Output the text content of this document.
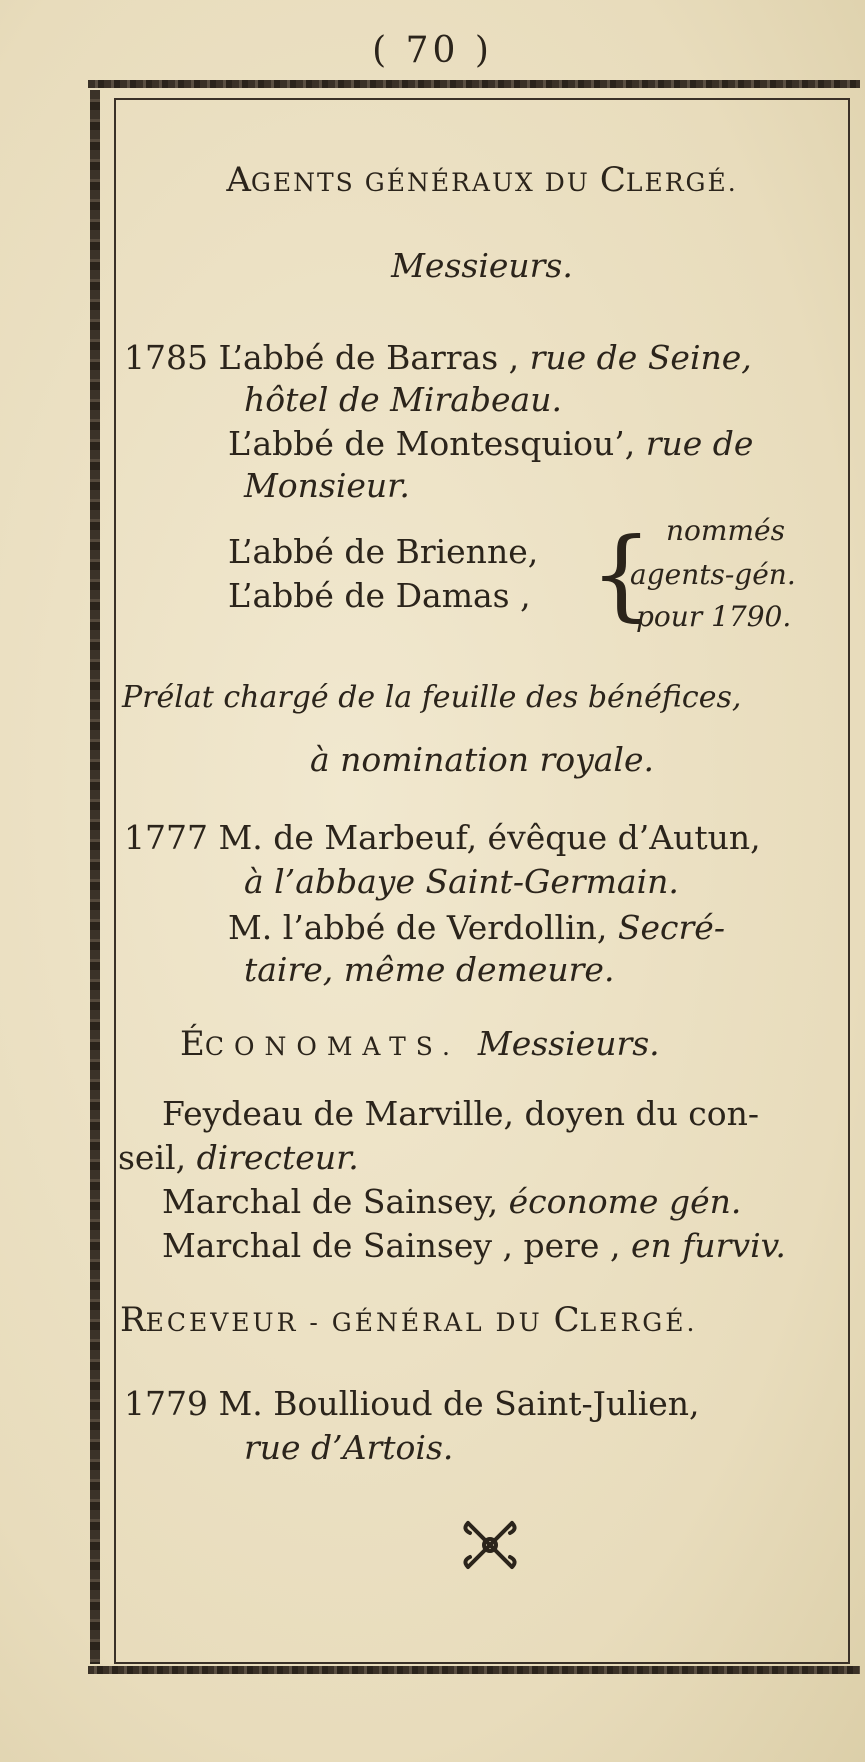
( 70 )
AGENTS GÉNÉRAUX DU CLERGÉ.
Messieurs.
1785 L’abbé de Barras , rue de Seine,
hôtel de Mirabeau.
L’abbé de Montesquiou’, rue de
Monsieur.
L’abbé de Brienne,
L’abbé de Damas , { nommés
agents-gén.
pour 1790.
Prélat chargé de la feuille des bénéfices,
à nomination royale.
1777 M. de Marbeuf, évêque d’Autun,
à l’abbaye Saint-Germain.
M. l’abbé de Verdollin, Secré-
taire, même demeure.
ÉCONOMATS. Messieurs.
Feydeau de Marville, doyen du con-
seil, directeur.
Marchal de Sainsey, économe gén.
Marchal de Sainsey , pere , en furviv.
RECEVEUR - GÉNÉRAL DU CLERGÉ.
1779 M. Boullioud de Saint-Julien,
rue d’Artois.
